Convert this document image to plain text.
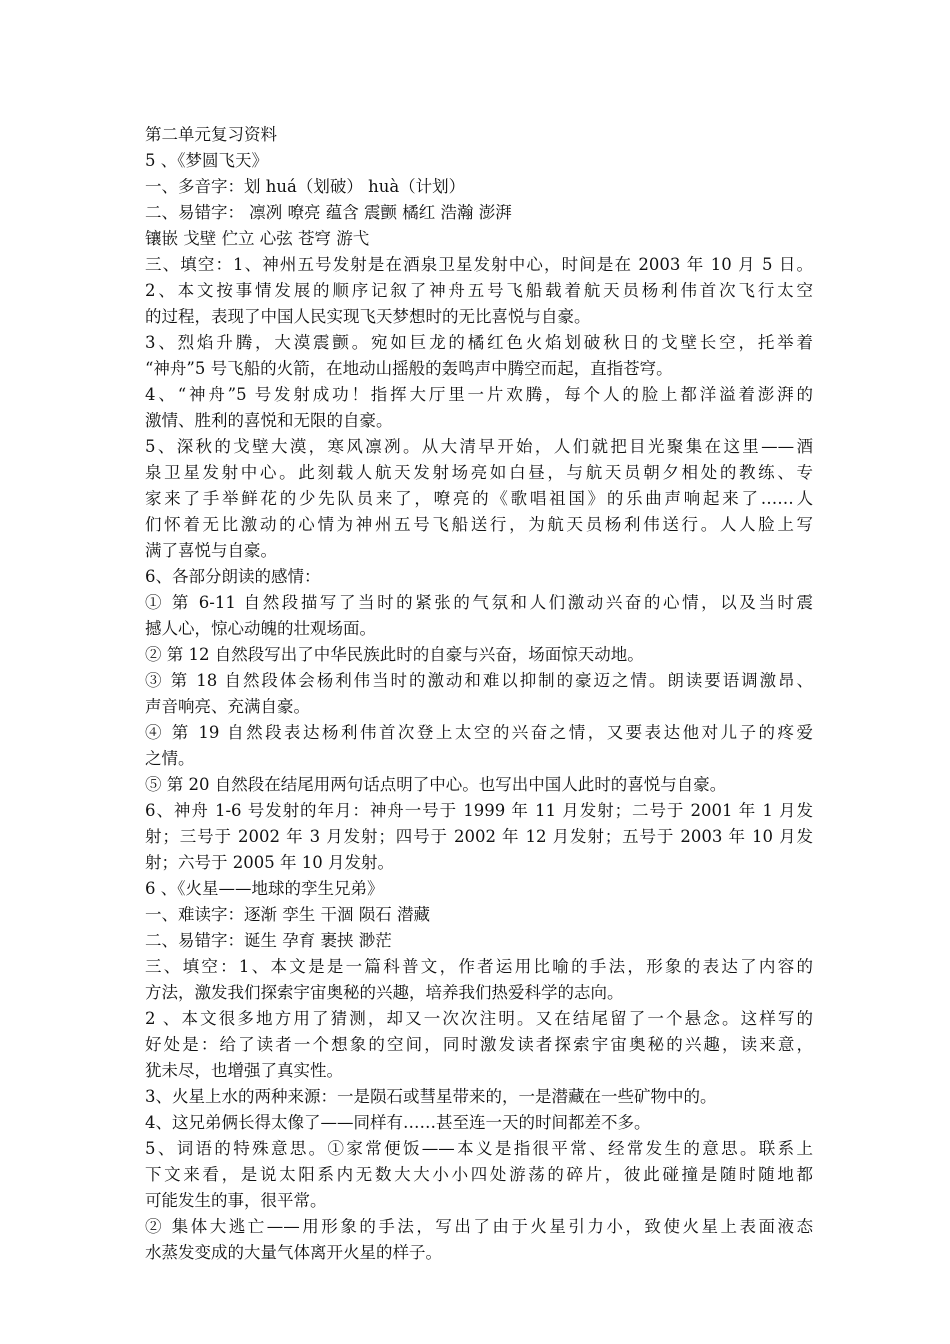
第二单元复习资料
5 、《梦圆飞天》
一、多音字：划 huá（划破） huà（计划）
二、易错字： 凛冽 嘹亮 蕴含 震颤 橘红 浩瀚 澎湃
镶嵌 戈壁 伫立 心弦 苍穹 游弋
三、填空：1、神州五号发射是在酒泉卫星发射中心，时间是在 2003 年 10 月 5 日。
2、本文按事情发展的顺序记叙了神舟五号飞船载着航天员杨利伟首次飞行太空
的过程，表现了中国人民实现飞天梦想时的无比喜悦与自豪。
3、烈焰升腾，大漠震颤。宛如巨龙的橘红色火焰划破秋日的戈壁长空，托举着
“神舟”5 号飞船的火箭，在地动山摇般的轰鸣声中腾空而起，直指苍穹。
4、“神舟”5 号发射成功！指挥大厅里一片欢腾，每个人的脸上都洋溢着澎湃的
激情、胜利的喜悦和无限的自豪。
5、深秋的戈壁大漠，寒风凛冽。从大清早开始，人们就把目光聚集在这里——酒
泉卫星发射中心。此刻载人航天发射场亮如白昼，与航天员朝夕相处的教练、专
家来了手举鲜花的少先队员来了，嘹亮的《歌唱祖国》的乐曲声响起来了……人
们怀着无比激动的心情为神州五号飞船送行，为航天员杨利伟送行。人人脸上写
满了喜悦与自豪。
6、各部分朗读的感情：
① 第 6-11 自然段描写了当时的紧张的气氛和人们激动兴奋的心情，以及当时震
撼人心，惊心动魄的壮观场面。
② 第 12 自然段写出了中华民族此时的自豪与兴奋，场面惊天动地。
③ 第 18 自然段体会杨利伟当时的激动和难以抑制的豪迈之情。朗读要语调激昂、
声音响亮、充满自豪。
④ 第 19 自然段表达杨利伟首次登上太空的兴奋之情，又要表达他对儿子的疼爱
之情。
⑤ 第 20 自然段在结尾用两句话点明了中心。也写出中国人此时的喜悦与自豪。
6、神舟 1-6 号发射的年月：神舟一号于 1999 年 11 月发射；二号于 2001 年 1 月发
射；三号于 2002 年 3 月发射；四号于 2002 年 12 月发射；五号于 2003 年 10 月发
射；六号于 2005 年 10 月发射。
6 、《火星——地球的孪生兄弟》
一、难读字：逐渐 孪生 干涸 陨石 潜藏
二、易错字：诞生 孕育 裹挟 渺茫
三、填空：1、本文是是一篇科普文，作者运用比喻的手法，形象的表达了内容的
方法，激发我们探索宇宙奥秘的兴趣，培养我们热爱科学的志向。
2 、本文很多地方用了猜测，却又一次次注明。又在结尾留了一个悬念。这样写的
好处是：给了读者一个想象的空间，同时激发读者探索宇宙奥秘的兴趣，读来意，
犹未尽，也增强了真实性。
3、火星上水的两种来源：一是陨石或彗星带来的，一是潜藏在一些矿物中的。
4、这兄弟俩长得太像了——同样有……甚至连一天的时间都差不多。
5、词语的特殊意思。①家常便饭——本义是指很平常、经常发生的意思。联系上
下文来看，是说太阳系内无数大大小小四处游荡的碎片，彼此碰撞是随时随地都
可能发生的事，很平常。
② 集体大逃亡——用形象的手法，写出了由于火星引力小，致使火星上表面液态
水蒸发变成的大量气体离开火星的样子。
